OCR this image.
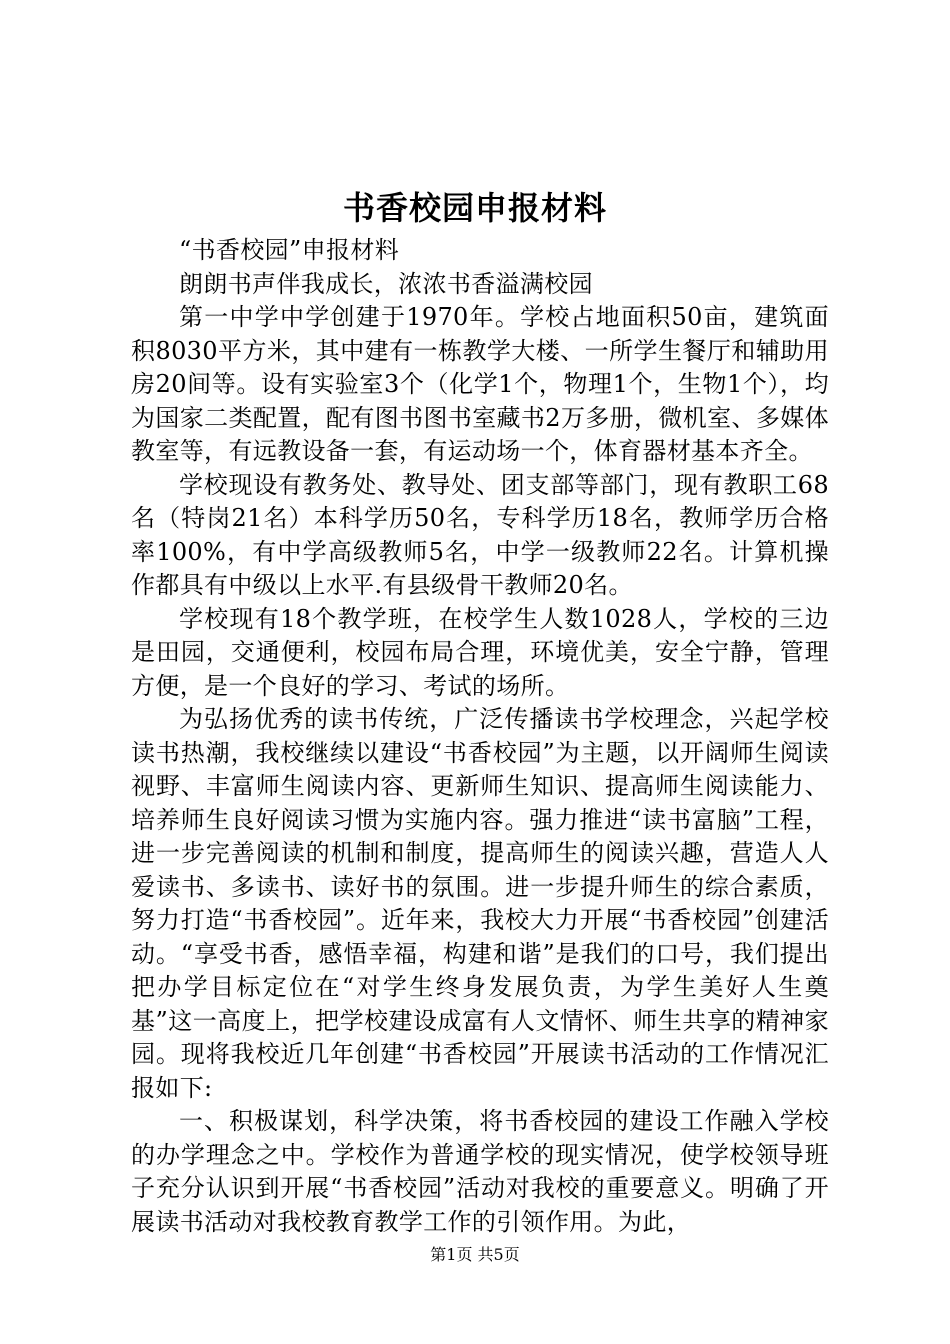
书香校园申报材料

“书香校园”申报材料

朗朗书声伴我成长，浓浓书香溢满校园

第一中学中学创建于1970年。学校占地面积50亩，建筑面积8030平方米，其中建有一栋教学大楼、一所学生餐厅和辅助用房20间等。设有实验室3个（化学1个，物理1个，生物1个），均为国家二类配置，配有图书图书室藏书2万多册，微机室、多媒体教室等，有远教设备一套，有运动场一个，体育器材基本齐全。

学校现设有教务处、教导处、团支部等部门，现有教职工68名（特岗21名）本科学历50名，专科学历18名，教师学历合格率100%，有中学高级教师5名，中学一级教师22名。计算机操作都具有中级以上水平.有县级骨干教师20名。

学校现有18个教学班，在校学生人数1028人，学校的三边是田园，交通便利，校园布局合理，环境优美，安全宁静，管理方便，是一个良好的学习、考试的场所。

为弘扬优秀的读书传统，广泛传播读书学校理念，兴起学校读书热潮，我校继续以建设“书香校园”为主题，以开阔师生阅读视野、丰富师生阅读内容、更新师生知识、提高师生阅读能力、培养师生良好阅读习惯为实施内容。强力推进“读书富脑”工程，进一步完善阅读的机制和制度，提高师生的阅读兴趣，营造人人爱读书、多读书、读好书的氛围。进一步提升师生的综合素质，努力打造“书香校园”。近年来，我校大力开展“书香校园”创建活动。“享受书香，感悟幸福，构建和谐”是我们的口号，我们提出把办学目标定位在“对学生终身发展负责，为学生美好人生奠基”这一高度上，把学校建设成富有人文情怀、师生共享的精神家园。现将我校近几年创建“书香校园”开展读书活动的工作情况汇报如下:

一、积极谋划，科学决策，将书香校园的建设工作融入学校的办学理念之中。学校作为普通学校的现实情况，使学校领导班子充分认识到开展“书香校园”活动对我校的重要意义。明确了开展读书活动对我校教育教学工作的引领作用。为此，

第1页 共5页
